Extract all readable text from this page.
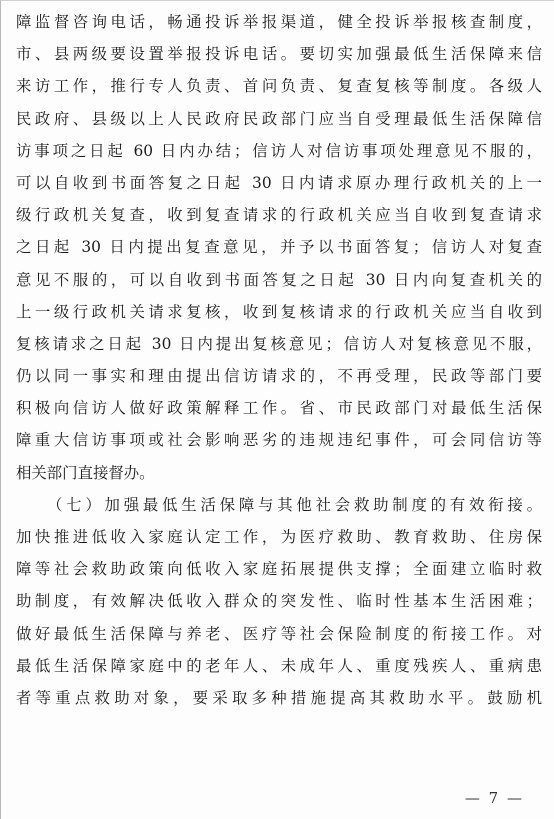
障监督咨询电话，畅通投诉举报渠道，健全投诉举报核查制度，
市、县两级要设置举报投诉电话。要切实加强最低生活保障来信
来访工作，推行专人负责、首问负责、复查复核等制度。各级人
民政府、县级以上人民政府民政部门应当自受理最低生活保障信
访事项之日起 60 日内办结；信访人对信访事项处理意见不服的，
可以自收到书面答复之日起 30 日内请求原办理行政机关的上一
级行政机关复查，收到复查请求的行政机关应当自收到复查请求
之日起 30 日内提出复查意见，并予以书面答复；信访人对复查
意见不服的，可以自收到书面答复之日起 30 日内向复查机关的
上一级行政机关请求复核，收到复核请求的行政机关应当自收到
复核请求之日起 30 日内提出复核意见；信访人对复核意见不服，
仍以同一事实和理由提出信访请求的，不再受理，民政等部门要
积极向信访人做好政策解释工作。省、市民政部门对最低生活保
障重大信访事项或社会影响恶劣的违规违纪事件，可会同信访等
相关部门直接督办。
（七）加强最低生活保障与其他社会救助制度的有效衔接。
加快推进低收入家庭认定工作，为医疗救助、教育救助、住房保
障等社会救助政策向低收入家庭拓展提供支撑；全面建立临时救
助制度，有效解决低收入群众的突发性、临时性基本生活困难；
做好最低生活保障与养老、医疗等社会保险制度的衔接工作。对
最低生活保障家庭中的老年人、未成年人、重度残疾人、重病患
者等重点救助对象，要采取多种措施提高其救助水平。鼓励机
— 7 —
